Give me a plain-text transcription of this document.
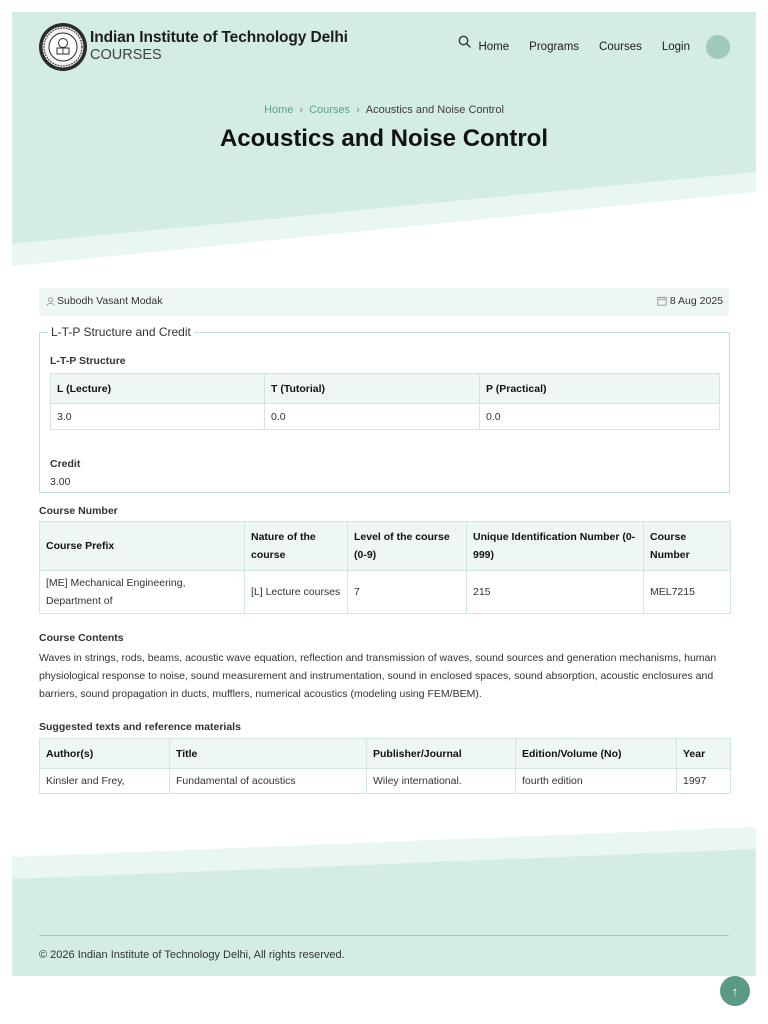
Indian Institute of Technology Delhi
COURSES	Home Programs Courses Login
Home › Courses › Acoustics and Noise Control
Acoustics and Noise Control
Subodh Vasant Modak	8 Aug 2025
L-T-P Structure and Credit
L-T-P Structure
L (Lecture)	T (Tutorial)	P (Practical)
3.0	0.0	0.0
Credit
3.00
Course Number
Course Prefix	Nature of the course	Level of the course (0-9)	Unique Identification Number (0-999)	Course Number
[ME] Mechanical Engineering, Department of	[L] Lecture courses	7	215	MEL7215
Course Contents
Waves in strings, rods, beams, acoustic wave equation, reflection and transmission of waves, sound sources and generation mechanisms, human physiological response to noise, sound measurement and instrumentation, sound in enclosed spaces, sound absorption, acoustic enclosures and barriers, sound propagation in ducts, mufflers, numerical acoustics (modeling using FEM/BEM).
Suggested texts and reference materials
Author(s)	Title	Publisher/Journal	Edition/Volume (No)	Year
Kinsler and Frey,	Fundamental of acoustics	Wiley international.	fourth edition	1997
© 2026 Indian Institute of Technology Delhi, All rights reserved.
↑
